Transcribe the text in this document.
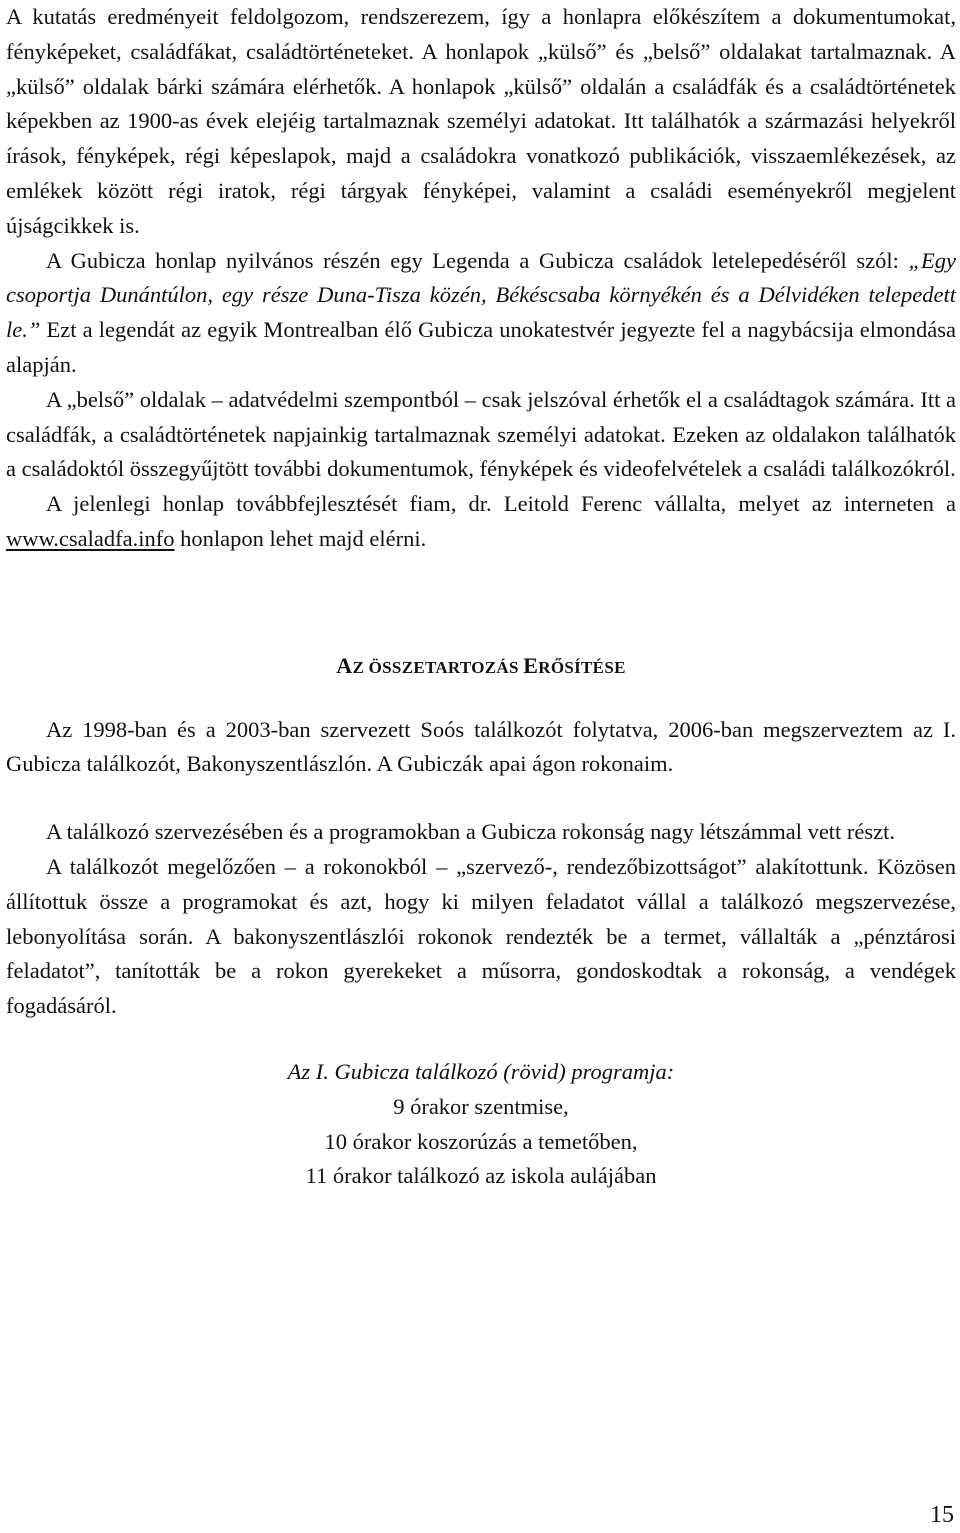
A kutatás eredményeit feldolgozom, rendszerezem, így a honlapra előkészítem a dokumentumokat, fényképeket, családfákat, családtörténeteket. A honlapok „külső” és „belső” oldalakat tartalmaznak. A „külső” oldalak bárki számára elérhetők. A honlapok „külső” oldalán a családfák és a családtörténetek képekben az 1900-as évek elejéig tartalmaznak személyi adatokat. Itt találhatók a származási helyekről írások, fényképek, régi képeslapok, majd a családokra vonatkozó publikációk, visszaemlékezések, az emlékek között régi iratok, régi tárgyak fényképei, valamint a családi eseményekről megjelent újságcikkek is.

A Gubicza honlap nyilvános részén egy Legenda a Gubicza családok letelepedéséről szól: „Egy csoportja Dunántúlon, egy része Duna-Tisza közén, Békéscsaba környékén és a Délvidéken telepedett le.” Ezt a legendát az egyik Montrealban élő Gubicza unokatestvér jegyezte fel a nagybácsija elmondása alapján.

A „belső” oldalak – adatvédelmi szempontból – csak jelszóval érhetők el a családtagok számára. Itt a családfák, a családtörténetek napjainkig tartalmaznak személyi adatokat. Ezeken az oldalakon találhatók a családoktól összegyűjtött további dokumentumok, fényképek és videofelvételek a családi találkozókról.

A jelenlegi honlap továbbfejlesztését fiam, dr. Leitold Ferenc vállalta, melyet az interneten a www.csaladfa.info honlapon lehet majd elérni.

AZ ÖSSZETARTOZÁS ERŐSÍTÉSE

Az 1998-ban és a 2003-ban szervezett Soós találkozót folytatva, 2006-ban megszerveztem az I. Gubicza találkozót, Bakonyszentlászlón. A Gubiczák apai ágon rokonaim.

A találkozó szervezésében és a programokban a Gubicza rokonság nagy létszámmal vett részt.

A találkozót megelőzően – a rokonokból – „szervező-, rendezőbizottságot” alakítottunk. Közösen állítottuk össze a programokat és azt, hogy ki milyen feladatot vállal a találkozó megszervezése, lebonyolítása során. A bakonyszentlászlói rokonok rendezték be a termet, vállalták a „pénztárosi feladatot”, tanították be a rokon gyerekeket a műsorra, gondoskodtak a rokonság, a vendégek fogadásáról.

Az I. Gubicza találkozó (rövid) programja:
9 órakor szentmise,
10 órakor koszorúzás a temetőben,
11 órakor találkozó az iskola aulájában
15
